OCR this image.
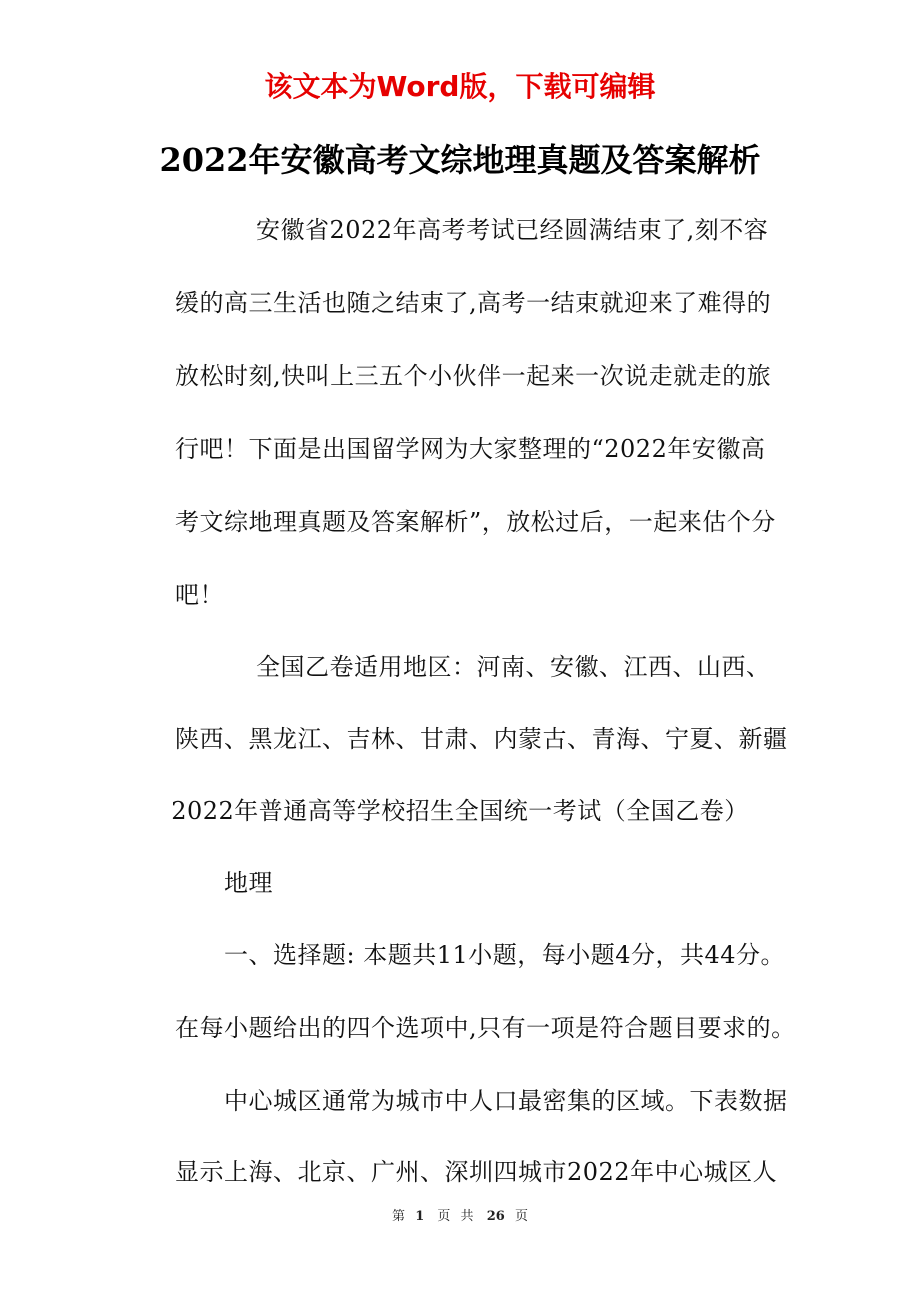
该文本为Word版，下载可编辑
2022年安徽高考文综地理真题及答案解析
安徽省2022年高考考试已经圆满结束了,刻不容
缓的高三生活也随之结束了,高考一结束就迎来了难得的
放松时刻,快叫上三五个小伙伴一起来一次说走就走的旅
行吧！下面是出国留学网为大家整理的“2022年安徽高
考文综地理真题及答案解析”，放松过后，一起来估个分
吧！
全国乙卷适用地区：河南、安徽、江西、山西、
陕西、黑龙江、吉林、甘肃、内蒙古、青海、宁夏、新疆
2022年普通高等学校招生全国统一考试（全国乙卷）
地理
一、选择题: 本题共11小题，每小题4分，共44分。
在每小题给出的四个选项中,只有一项是符合题目要求的。
中心城区通常为城市中人口最密集的区域。下表数据
显示上海、北京、广州、深圳四城市2022年中心城区人
第 1 页 共 26 页
